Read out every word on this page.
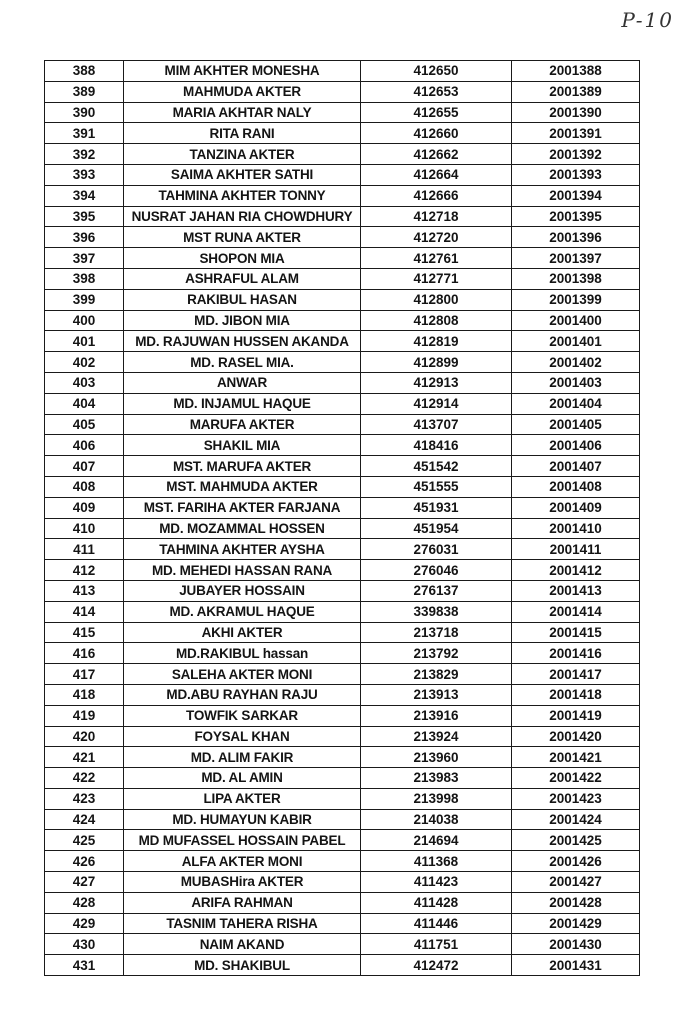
P-10
388	MIM AKHTER MONESHA	412650	2001388
389	MAHMUDA AKTER	412653	2001389
390	MARIA AKHTAR NALY	412655	2001390
391	RITA RANI	412660	2001391
392	TANZINA AKTER	412662	2001392
393	SAIMA AKHTER SATHI	412664	2001393
394	TAHMINA AKHTER TONNY	412666	2001394
395	NUSRAT JAHAN RIA CHOWDHURY	412718	2001395
396	MST RUNA AKTER	412720	2001396
397	SHOPON MIA	412761	2001397
398	ASHRAFUL ALAM	412771	2001398
399	RAKIBUL HASAN	412800	2001399
400	MD. JIBON MIA	412808	2001400
401	MD. RAJUWAN HUSSEN AKANDA	412819	2001401
402	MD. RASEL MIA.	412899	2001402
403	ANWAR	412913	2001403
404	MD. INJAMUL HAQUE	412914	2001404
405	MARUFA AKTER	413707	2001405
406	SHAKIL MIA	418416	2001406
407	MST. MARUFA AKTER	451542	2001407
408	MST. MAHMUDA AKTER	451555	2001408
409	MST. FARIHA AKTER FARJANA	451931	2001409
410	MD. MOZAMMAL HOSSEN	451954	2001410
411	TAHMINA AKHTER AYSHA	276031	2001411
412	MD. MEHEDI HASSAN RANA	276046	2001412
413	JUBAYER HOSSAIN	276137	2001413
414	MD. AKRAMUL HAQUE	339838	2001414
415	AKHI AKTER	213718	2001415
416	MD.RAKIBUL hassan	213792	2001416
417	SALEHA AKTER MONI	213829	2001417
418	MD.ABU RAYHAN RAJU	213913	2001418
419	TOWFIK SARKAR	213916	2001419
420	FOYSAL KHAN	213924	2001420
421	MD. ALIM FAKIR	213960	2001421
422	MD. AL AMIN	213983	2001422
423	LIPA AKTER	213998	2001423
424	MD. HUMAYUN KABIR	214038	2001424
425	MD MUFASSEL HOSSAIN PABEL	214694	2001425
426	ALFA AKTER MONI	411368	2001426
427	MUBASHira AKTER	411423	2001427
428	ARIFA RAHMAN	411428	2001428
429	TASNIM TAHERA RISHA	411446	2001429
430	NAIM AKAND	411751	2001430
431	MD. SHAKIBUL	412472	2001431
